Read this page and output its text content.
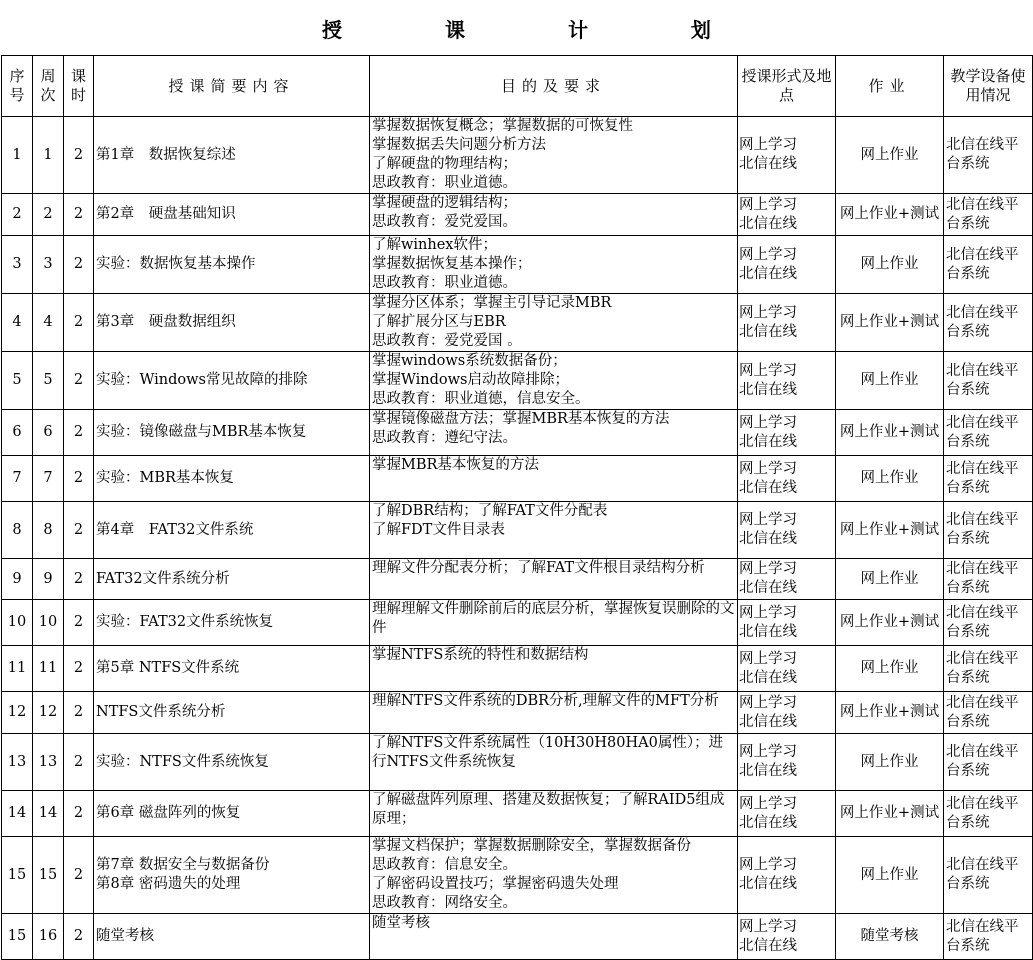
授 课 计 划
序号	周次	课时	授课简要内容	目的及要求	授课形式及地点	作业	教学设备使用情况
1	1	2	第1章　数据恢复综述	掌握数据恢复概念；掌握数据的可恢复性
掌握数据丢失问题分析方法
了解硬盘的物理结构；
思政教育：职业道德。	网上学习
北信在线	网上作业	北信在线平台系统
2	2	2	第2章　硬盘基础知识	掌握硬盘的逻辑结构；
思政教育：爱党爱国。	网上学习
北信在线	网上作业+测试	北信在线平台系统
3	3	2	实验：数据恢复基本操作	了解winhex软件；
掌握数据恢复基本操作；
思政教育：职业道德。	网上学习
北信在线	网上作业	北信在线平台系统
4	4	2	第3章　硬盘数据组织	掌握分区体系；掌握主引导记录MBR
了解扩展分区与EBR
思政教育：爱党爱国 。	网上学习
北信在线	网上作业+测试	北信在线平台系统
5	5	2	实验：Windows常见故障的排除	掌握windows系统数据备份；
掌握Windows启动故障排除；
思政教育：职业道德，信息安全。	网上学习
北信在线	网上作业	北信在线平台系统
6	6	2	实验：镜像磁盘与MBR基本恢复	掌握镜像磁盘方法；掌握MBR基本恢复的方法
思政教育：遵纪守法。	网上学习
北信在线	网上作业+测试	北信在线平台系统
7	7	2	实验：MBR基本恢复	掌握MBR基本恢复的方法	网上学习
北信在线	网上作业	北信在线平台系统
8	8	2	第4章　FAT32文件系统	了解DBR结构；了解FAT文件分配表
了解FDT文件目录表	网上学习
北信在线	网上作业+测试	北信在线平台系统
9	9	2	FAT32文件系统分析	理解文件分配表分析；了解FAT文件根目录结构分析	网上学习
北信在线	网上作业	北信在线平台系统
10	10	2	实验：FAT32文件系统恢复	理解理解文件删除前后的底层分析，掌握恢复误删除的文件	网上学习
北信在线	网上作业+测试	北信在线平台系统
11	11	2	第5章 NTFS文件系统	掌握NTFS系统的特性和数据结构	网上学习
北信在线	网上作业	北信在线平台系统
12	12	2	NTFS文件系统分析	理解NTFS文件系统的DBR分析,理解文件的MFT分析	网上学习
北信在线	网上作业+测试	北信在线平台系统
13	13	2	实验：NTFS文件系统恢复	了解NTFS文件系统属性（10H30H80HA0属性）；进行NTFS文件系统恢复	网上学习
北信在线	网上作业	北信在线平台系统
14	14	2	第6章 磁盘阵列的恢复	了解磁盘阵列原理、搭建及数据恢复；了解RAID5组成原理；	网上学习
北信在线	网上作业+测试	北信在线平台系统
15	15	2	第7章 数据安全与数据备份
第8章 密码遗失的处理	掌握文档保护；掌握数据删除安全，掌握数据备份
思政教育：信息安全。
了解密码设置技巧；掌握密码遗失处理
思政教育：网络安全。	网上学习
北信在线	网上作业	北信在线平台系统
15	16	2	随堂考核	随堂考核	网上学习
北信在线	随堂考核	北信在线平台系统
